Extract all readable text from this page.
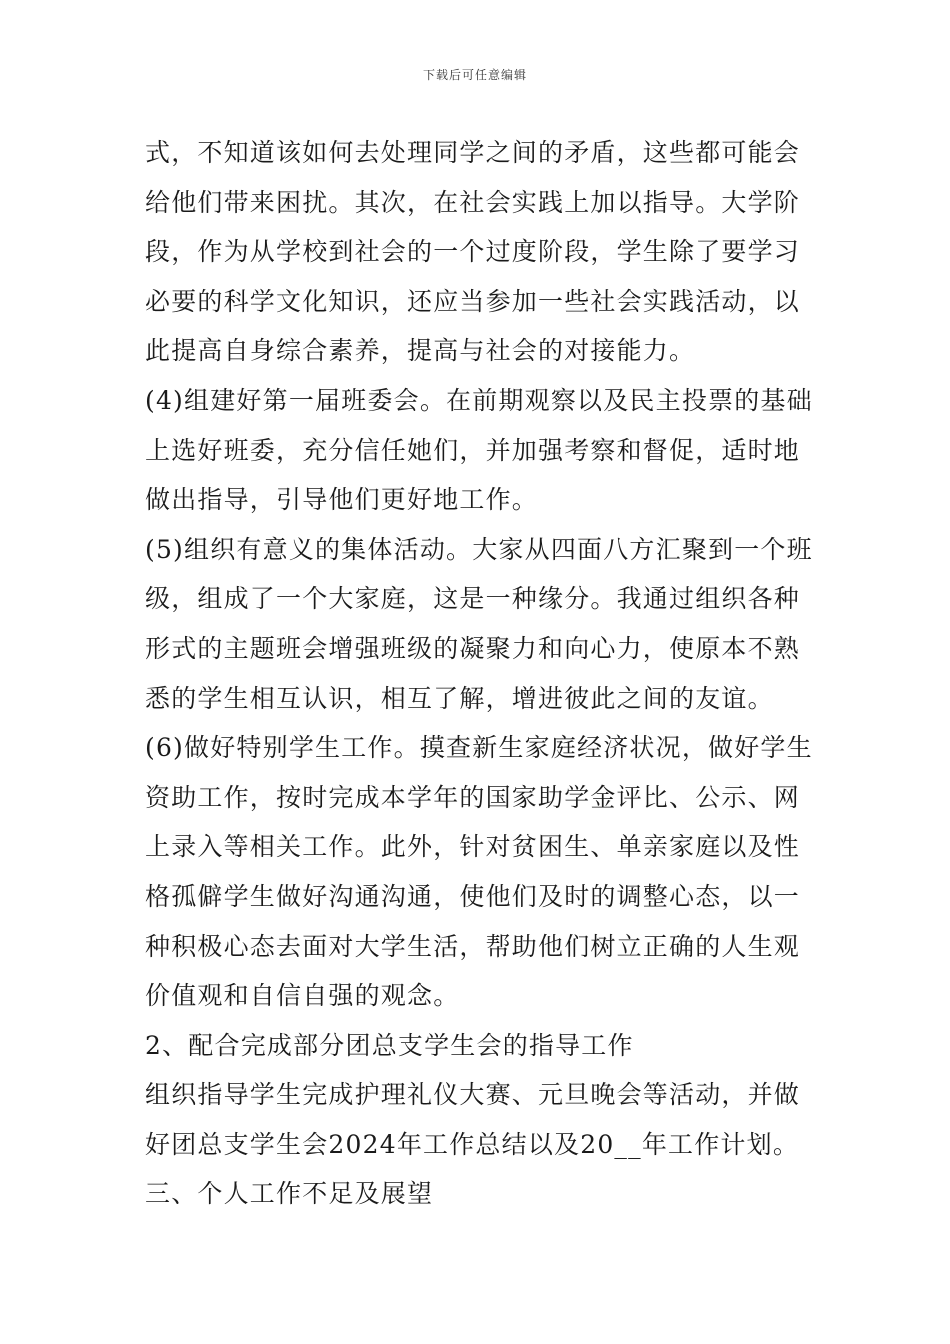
下载后可任意编辑
式，不知道该如何去处理同学之间的矛盾，这些都可能会
给他们带来困扰。其次，在社会实践上加以指导。大学阶
段，作为从学校到社会的一个过度阶段，学生除了要学习
必要的科学文化知识，还应当参加一些社会实践活动，以
此提高自身综合素养，提高与社会的对接能力。
(4)组建好第一届班委会。在前期观察以及民主投票的基础
上选好班委，充分信任她们，并加强考察和督促，适时地
做出指导，引导他们更好地工作。
(5)组织有意义的集体活动。大家从四面八方汇聚到一个班
级，组成了一个大家庭，这是一种缘分。我通过组织各种
形式的主题班会增强班级的凝聚力和向心力，使原本不熟
悉的学生相互认识，相互了解，增进彼此之间的友谊。
(6)做好特别学生工作。摸查新生家庭经济状况，做好学生
资助工作，按时完成本学年的国家助学金评比、公示、网
上录入等相关工作。此外，针对贫困生、单亲家庭以及性
格孤僻学生做好沟通沟通，使他们及时的调整心态，以一
种积极心态去面对大学生活，帮助他们树立正确的人生观
价值观和自信自强的观念。
2、配合完成部分团总支学生会的指导工作
组织指导学生完成护理礼仪大赛、元旦晚会等活动，并做
好团总支学生会2024年工作总结以及20__年工作计划。
三、个人工作不足及展望
